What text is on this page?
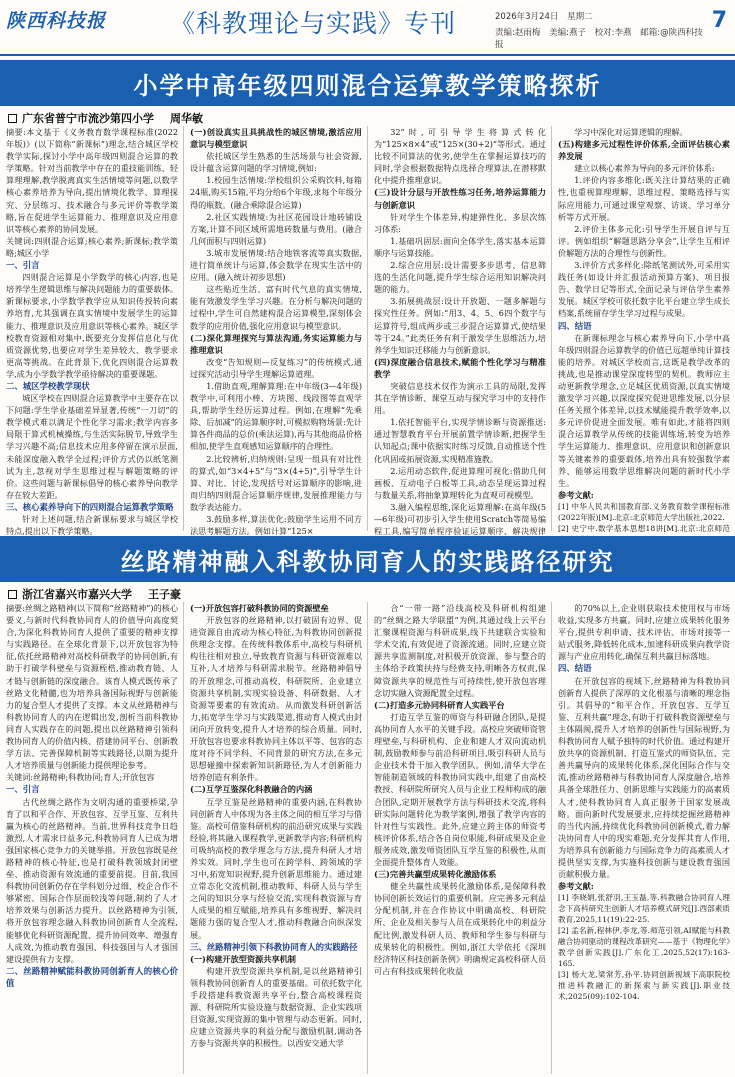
陕西科技报	《科教理论与实践》专刊	2026年3月24日 星期二
责编:赵雨梅 美编:燕子 校对:李燕 邮箱:@陕西科技报
7
小学中高年级四则混合运算教学策略探析
广东省普宁市流沙第四小学 周华敏

摘要:本文基于《义务教育数学课程标准(2022年版)》(以下简称“新课标”)理念,结合城区学校教学实际,探讨小学中高年级四则混合运算的教学策略。针对当前教学中存在的重技能训练、轻算理理解,教学脱离真实生活情境等问题,以数学核心素养培养为导向,提出情境化教学、算理探究、分层练习、技术融合与多元评价等教学策略,旨在促进学生运算能力、推理意识及应用意识等核心素养的协同发展。

关键词:四则混合运算;核心素养;新课标;教学策略;城区小学

一、引言

四则混合运算是小学数学的核心内容,也是培养学生逻辑思维与解决问题能力的重要载体。新课标要求,小学数学教学应从知识传授转向素养培育,尤其强调在真实情境中发展学生的运算能力、推理意识及应用意识等核心素养。城区学校教育资源相对集中,既要充分发挥信息化与优质资源优势,也要应对学生差异较大、教学要求更高等挑战。在此背景下,优化四则混合运算教学,成为小学数学教学亟待解决的重要课题。

二、城区学校教学现状

城区学校在四则混合运算教学中主要存在以下问题:学生学业基础差异显著,传统“一刀切”的教学模式难以满足个性化学习需求;教学内容多局限于算式机械操练,与生活实际脱节,导致学生学习兴趣不高;信息技术应用多停留在演示层面,未能深度融入教学全过程;评价方式仍以纸笔测试为主,忽视对学生思维过程与解题策略的评价。这些问题与新课标倡导的核心素养导向教学存在较大差距。

三、核心素养导向下的四则混合运算教学策略

针对上述问题,结合新课标要求与城区学校特点,提出以下教学策略。

(一)创设真实且具挑战性的城区情境,激活应用意识与模型意识

依托城区学生熟悉的生活场景与社会资源,设计蕴含运算问题的学习情境,例如:

1.校园生活情境:学校组织公采购饮料,每箱24瓶,购买15箱,平均分给6个年级,求每个年级分得的瓶数。(融合乘除混合运算)

2.社区实践情境:为社区花园设计地砖铺设方案,计算不同区域所需地砖数量与费用。(融合几何面积与四则运算)

3.城市发展情境:结合地铁客流等真实数据,进行简单统计与运算,体会数学在现实生活中的应用。(融入统计初步思想)

这些贴近生活、富有时代气息的真实情境,能有效激发学生学习兴趣。在分析与解决问题的过程中,学生可自然建构混合运算模型,深刻体会数学的应用价值,强化应用意识与模型意识。

(二)深化算理探究与算法沟通,务实运算能力与推理意识

改变“告知规则—反复练习”的传统模式,通过探究活动引导学生理解运算道理。

1.借助直观,理解算理:在中年级(3—4年级)教学中,可利用小棒、方块图、线段图等直观学具,帮助学生经历运算过程。例如,在理解“先乘除、后加减”的运算顺序时,可模拟购物场景:先计算各件商品的总价(乘法运算),再与其他商品价格相加,使学生直观感知运算顺序的合理性。

2.比较辨析,归纳规则:呈现一组具有对比性的算式,如“3×4+5”与“3×(4+5)”,引导学生计算、对比、讨论,发现括号对运算顺序的影响,进而归纳四则混合运算顺序规律,发展推理能力与数学表达能力。

3.鼓励多样,算法优化:鼓励学生运用不同方法思考解题方法。例如计算“125×

32”时,可引导学生将算式转化为“125×8×4”或“125×(30+2)”等形式。通过比较不同算法的优劣,使学生在掌握运算技巧的同时,学会根据数据特点选择合理算法,在潜移默化中提升推理意识。

(三)设计分层与开放性练习任务,培养运算能力与创新意识

针对学生个体差异,构建弹性化、多层次练习体系:

1.基础巩固层:面向全体学生,落实基本运算顺序与运算技能。

2.综合应用层:设计需要多步思考、信息筛选的生活化问题,提升学生综合运用知识解决问题的能力。

3.拓展挑战层:设计开放题、一题多解题与探究性任务。例如:“用3、4、5、6四个数字与运算符号,组成两步或三步混合运算算式,使结果等于24。”此类任务有利于激发学生思维活力,培养学生知识迁移能力与创新意识。

(四)深度融合信息技术,赋能个性化学习与精准教学

突破信息技术仅作为演示工具的局限,发挥其在学情诊断、课堂互动与探究学习中的支持作用。

1.依托智能平台,实现学情诊断与资源推送:通过智慧教育平台开展前置学情诊断,把握学生认知起点;课中依据实时练习反馈,自动推送个性化巩固或拓展资源,实现精准施教。

2.运用动态软件,促进算理可视化:借助几何画板、互动电子白板等工具,动态呈现运算过程与数量关系,将抽象算理转化为直观可视模型。

3.融入编程思维,深化运算理解:在高年级(5—6年级)可初步引入学生使用Scratch等简易编程工具,编写简单程序验证运算顺序、解决规律

学习中深化对运算逻辑的理解。

(五)构建多元过程性评价体系,全面评估核心素养发展

建立以核心素养为导向的多元评价体系:

1.评价内容多维化:既关注计算结果的正确性,也重视算理理解、思维过程、策略选择与实际应用能力,可通过课堂观察、访谈、学习单分析等方式开展。

2.评价主体多元化:引导学生开展自评与互评。例如组织“解题思路分享会”,让学生互相评价解题方法的合理性与创新性。

3.评价方式多样化:除纸笔测试外,可采用实践任务(如设计并汇报活动预算方案)、项目报告、数学日记等形式,全面记录与评估学生素养发展。城区学校可依托数字化平台建立学生成长档案,系统留存学生学习过程与成果。

四、结语

在新课标理念与核心素养导向下,小学中高年级四则混合运算教学的价值已远超单纯计算技能的培养。对城区学校而言,这既是教学改革的挑战,也是推动课堂深度转型的契机。教师应主动更新教学理念,立足城区优质资源,以真实情境激发学习兴趣,以深度探究促进思维发展,以分层任务关照个体差异,以技术赋能提升教学效率,以多元评价促进全面发展。唯有如此,才能将四则混合运算教学从传统的技能训练场,转变为培养学生运算能力、推理意识、应用意识和创新意识等关键素养的重要载体,培养出具有较强数学素养、能够运用数学思维解决问题的新时代小学生。

参考文献:

[1] 中华人民共和国教育部.义务教育数学课程标准(2022年版)[M].北京:北京师范大学出版社,2022.

[2] 史宁中.数学基本思想18讲[M].北京:北京师范

丝路精神融入科教协同育人的实践路径研究
浙江省嘉兴市嘉兴大学 王子豪

摘要:丝绸之路精神(以下简称“丝路精神”)的核心要义,与新时代科教协同育人的价值导向高度契合,为深化科教协同育人提供了重要的精神支撑与实践路径。在全球化背景下,以开放包容为特征,依托丝路精神对高校科研教学的协同创新,有助于打破学科壁垒与资源桎梏,推动教育链、人才链与创新链的深度融合。该育人模式既传承了丝路文化精髓,也为培养具备国际视野与创新能力的复合型人才提供了支撑。本文从丝路精神与科教协同育人的内在逻辑出发,剖析当前科教协同育人实践存在的问题,提出以丝路精神引领科教协同育人的价值内核、搭建协同平台、创新教学方法、完善保障机制等实践路径,以期为提升人才培养质量与创新能力提供理论参考。

关键词:丝路精神;科教协同;育人;开放包容

一、引言

古代丝绸之路作为文明沟通的重要桥梁,孕育了以和平合作、开放包容、互学互鉴、互利共赢为核心的丝路精神。当前,世界科技竞争日趋激烈,人才需求日益多元,科教协同育人已成为增强国家核心竞争力的关键举措。开放包容既是丝路精神的核心特征,也是打破科教领域封闭壁垒、推动资源有效流通的重要前提。目前,我国科教协同创新仍存在学科划分过细、校企合作不够紧密、国际合作层面较浅等问题,制约了人才培养效果与创新活力提升。以丝路精神为引领,将开放包容理念融入科教协同创新育人全流程,能够优化科研资源配置、提升协同效率、增强育人成效,为推动教育强国、科技强国与人才强国建设提供有力支撑。

二、丝路精神赋能科教协同创新育人的核心价值

(一)开放包容打破科教协同的资源壁垒

开放包容的丝路精神,以打破固有边界、促进资源自由流动为核心特征,为科教协同创新提供理念支撑。在传统科教体系中,高校与科研机构往往相对独立,导致教育资源与科研资源难以互补,人才培养与科研需求脱节。丝路精神倡导的开放理念,可推动高校、科研院所、企业建立资源共享机制,实现实验设备、科研数据、人才资源等要素的有效流动。从而激发科研创新活力,拓宽学生学习与实践渠道,推动育人模式由封闭向开放转变,提升人才培养的综合质量。同时,开放包容也要求科教协同主体以平等、包容的态度对待不同学科、不同背景的研究方法,在多元思想碰撞中探索新知识新路径,为人才创新能力培养创造有利条件。

(二)互学互鉴深化科教融合的内涵

互学互鉴是丝路精神的重要内涵,在科教协同创新育人中体现为各主体之间的相互学习与借鉴。高校可借鉴科研机构的前沿研究成果与实践经验,将其融入课程教学,更新教学内容;科研机构可吸纳高校的教学理念与方法,提升科研人才培养实效。同时,学生也可在跨学科、跨领域的学习中,拓宽知识视野,提升创新思维能力。通过建立常态化交流机制,推动教师、科研人员与学生之间的知识分享与经验交流,实现科教资源与育人成果的相互赋能,培养具有多维视野、解决问题能力强的复合型人才,推动科教融合向纵深发展。

三、丝路精神引领下科教协同育人的实践路径

(一)构建开放型资源共享机制

构建开放型资源共享机制,是以丝路精神引领科教协同创新育人的重要基础。可依托数字化手段搭建科教资源共享平台,整合高校课程资源、科研院所实验设施与数据资源、企业实践项目资源,实现资源的集中管理与动态更新。同时,应建立资源共享的利益分配与激励机制,调动各方参与资源共享的积极性。以西安交通大学

合“一带一路”沿线高校及科研机构组建的“丝绸之路大学联盟”为例,其通过线上云平台汇聚课程资源与科研成果,线下共建联合实验和学术交流,有效促进了资源流通。同时,应建立资源共享监测制度,对积极开放资源、参与整合的主体给予政策扶持与经费支持,明晰各方权责,保障资源共享的规范性与可持续性,使开放包容理念切实融入资源配置全过程。

(二)打造多元协同科研育人实践平台

打造互学互鉴的师资与科研融合团队,是提高协同育人水平的关键手段。高校应突破师资管理壁垒,与科研机构、企业和建人才双向流动机制,鼓励教师参与前沿科研项目,吸引科研人员与企业技术骨干加入教学团队。例如,清华大学在智能制造领域的科教协同实践中,组建了由高校教授、科研院所研究人员与企业工程师构成的融合团队,定期开展教学方法与科研技术交流,将科研实际问题转化为教学案例,增强了教学内容的针对性与实践性。此外,应建立跨主体的师资考核评价体系,结合各自岗位职能,科研成果及企业服务成效,激发师资团队互学互鉴的积极性,从而全面提升整体育人效能。

(三)完善共赢型成果转化激励体系

健全共赢性成果转化激励体系,是保障科教协同创新长效运行的重要机制。应完善多元利益分配机制,并在合作协议中明确高校、科研院所、企业及相关参与人员在成果转化中的利益分配比例,激发科研人员、教师和学生参与科研与成果转化的积极性。例如,浙江大学依托《深圳经济特区科技创新条例》明确规定高校科研人员可占有科技成果转化收益

的70%以上,企业则获取技术使用权与市场收益,实现多方共赢。同时,应建立成果转化服务平台,提供专利申请、技术评估、市场对接等一站式服务,降低转化成本,加速科研成果向教学资源与产业应用转化,确保互利共赢目标落地。

四、结语

在开放包容的视域下,丝路精神为科教协同创新育人提供了深厚的文化根基与清晰的理念指引。其倡导的“和平合作、开放包容、互学互鉴、互利共赢”理念,有助于打破科教资源壁垒与主体隔阂,提升人才培养的创新性与国际视野,为科教协同育人赋予独特的时代价值。通过构建开放共享的资源机制、打造互鉴式的师资队伍、完善共赢导向的成果转化体系,深化国际合作与交流,推动丝路精神与科教协同育人深度融合,培养具备全球胜任力、创新思维与实践能力的高素质人才,使科教协同育人真正服务于国家发展战略。面向新时代发展要求,应持续挖掘丝路精神的当代内涵,持续优化科教协同创新模式,着力解决协同育人中的现实难题,充分发挥其育人作用,为培养具有创新能力与国际竞争力的高素质人才提供坚实支撑,为实施科技创新与建设教育强国贡献积极力量。

参考文献:

[1] 李晓娟,张舒羽,王玉磊,等.科教融合协同育人理念下高科研究生创新人才培养模式研究[J].西部素质教育,2025,11(19):22-25.

[2] 孟名新,程林伊,李龙,等.师范引领,AI赋能与科教融合协同驱动的课程改革研究——基于《物理化学》教学创新实践[J].广东化工,2025,52(17):163-165.

[3] 杨大龙,梁常芳,孙平.协同创新视域下高职院校推进科教融汇的新探索与新实践[J].职业技术,2025(09):102-104.
